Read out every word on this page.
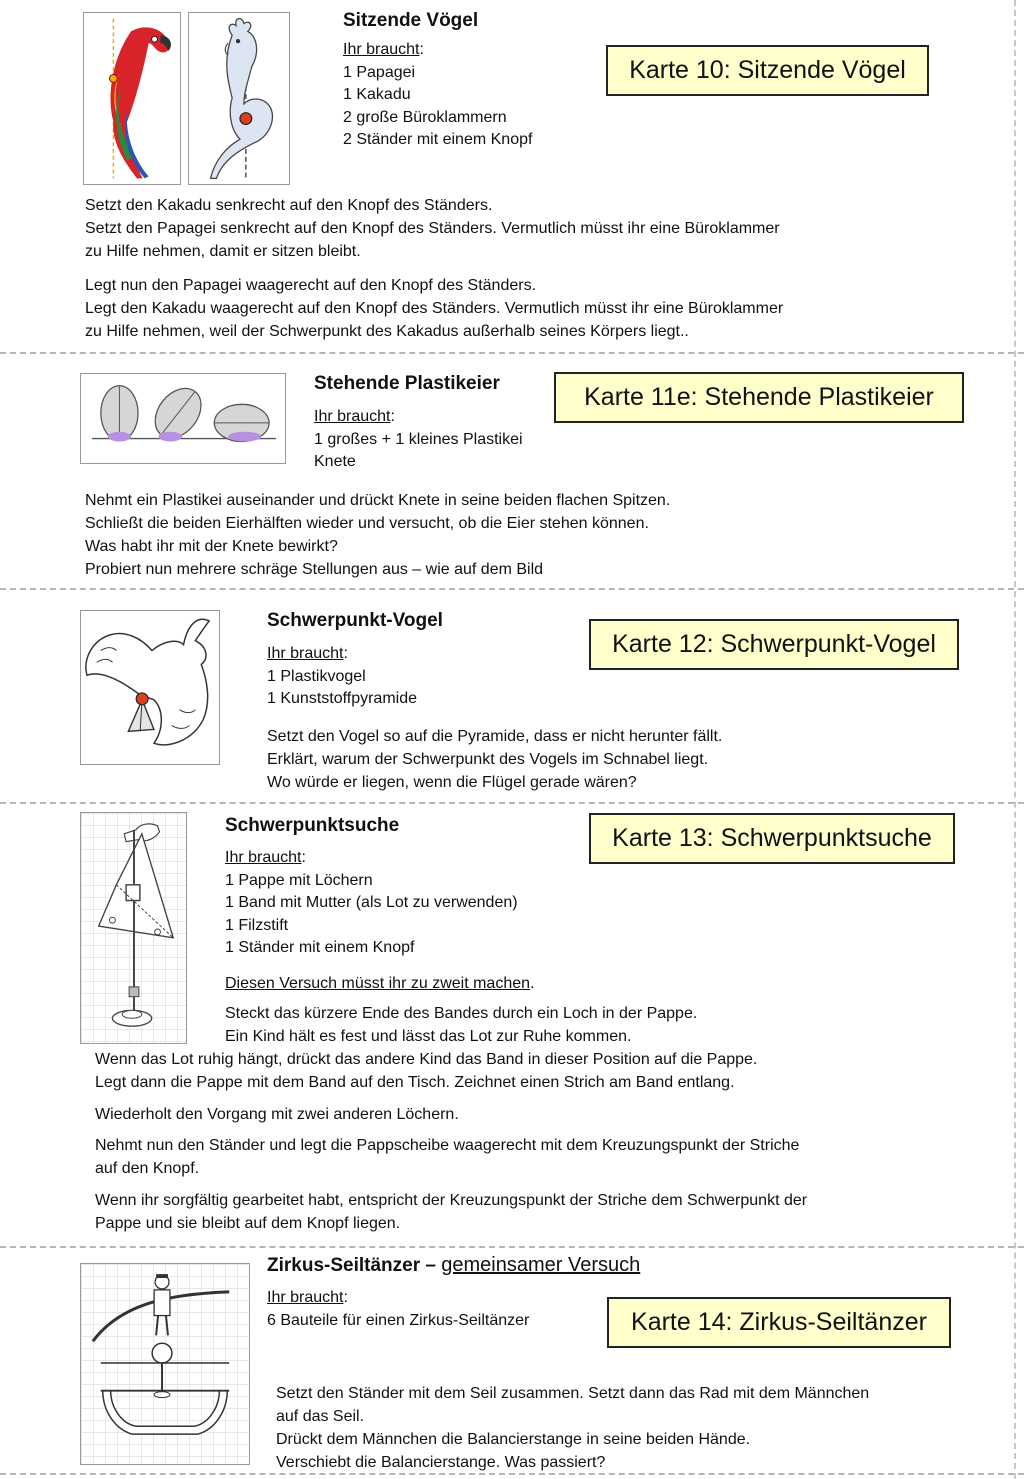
Sitzende Vögel
Ihr braucht:
1 Papagei
1 Kakadu
2 große Büroklammern
2 Ständer mit einem Knopf
Karte 10: Sitzende Vögel
Setzt den Kakadu senkrecht auf den Knopf des Ständers.
Setzt den Papagei senkrecht auf den Knopf des Ständers. Vermutlich müsst ihr eine Büroklammer
zu Hilfe nehmen, damit er sitzen bleibt.
Legt nun den Papagei waagerecht auf den Knopf des Ständers.
Legt den Kakadu waagerecht auf den Knopf des Ständers. Vermutlich müsst ihr eine Büroklammer
zu Hilfe nehmen, weil der Schwerpunkt des Kakadus außerhalb seines Körpers liegt..
Stehende Plastikeier
Ihr braucht:
1 großes + 1 kleines Plastikei
Knete
Karte 11e: Stehende Plastikeier
Nehmt ein Plastikei auseinander und drückt Knete in seine beiden flachen Spitzen.
Schließt die beiden Eierhälften wieder und versucht, ob die Eier stehen können.
Was habt ihr mit der Knete bewirkt?
Probiert nun mehrere schräge Stellungen aus – wie auf dem Bild
Schwerpunkt-Vogel
Ihr braucht:
1 Plastikvogel
1 Kunststoffpyramide
Karte 12: Schwerpunkt-Vogel
Setzt den Vogel so auf die Pyramide, dass er nicht herunter fällt.
Erklärt, warum der Schwerpunkt des Vogels im Schnabel liegt.
Wo würde er liegen, wenn die Flügel gerade wären?
Schwerpunktsuche
Ihr braucht:
1 Pappe mit Löchern
1 Band mit Mutter (als Lot zu verwenden)
1 Filzstift
1 Ständer mit einem Knopf
Karte 13: Schwerpunktsuche
Diesen Versuch müsst ihr zu zweit machen.
Steckt das kürzere Ende des Bandes durch ein Loch in der Pappe.
Ein Kind hält es fest und lässt das Lot zur Ruhe kommen.
Wenn das Lot ruhig hängt, drückt das andere Kind das Band in dieser Position auf die Pappe.
Legt dann die Pappe mit dem Band auf den Tisch. Zeichnet einen Strich am Band entlang.
Wiederholt den Vorgang mit zwei anderen Löchern.
Nehmt nun den Ständer und legt die Pappscheibe waagerecht mit dem Kreuzungspunkt der Striche
auf den Knopf.
Wenn ihr sorgfältig gearbeitet habt, entspricht der Kreuzungspunkt der Striche dem Schwerpunkt der
Pappe und sie bleibt auf dem Knopf liegen.
Zirkus-Seiltänzer – gemeinsamer Versuch
Ihr braucht:
6 Bauteile für einen Zirkus-Seiltänzer	Karte 14: Zirkus-Seiltänzer
Setzt den Ständer mit dem Seil zusammen. Setzt dann das Rad mit dem Männchen
auf das Seil.
Drückt dem Männchen die Balancierstange in seine beiden Hände.
Verschiebt die Balancierstange. Was passiert?
